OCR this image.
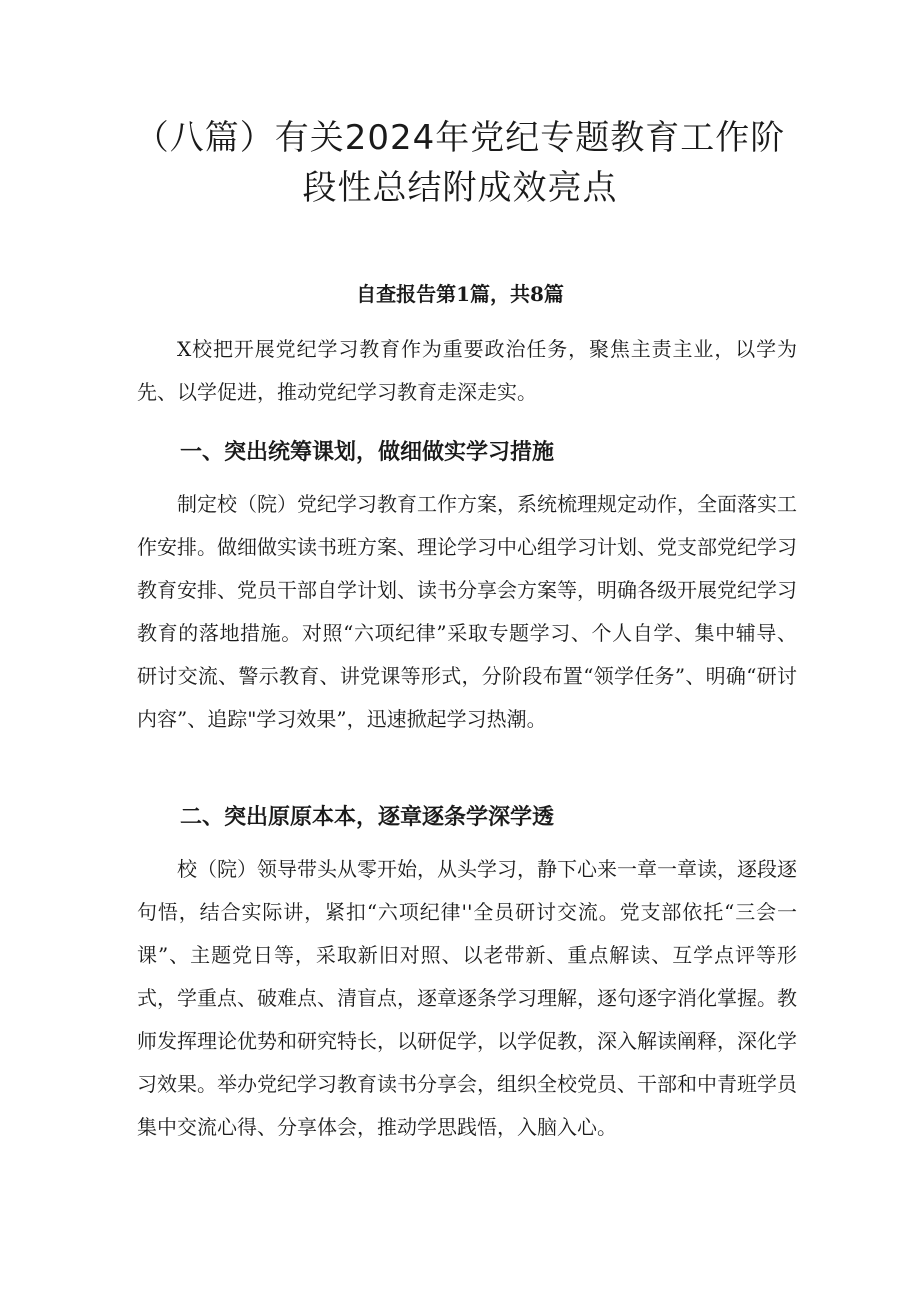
（八篇）有关2024年党纪专题教育工作阶
段性总结附成效亮点
自查报告第1篇，共8篇
X校把开展党纪学习教育作为重要政治任务，聚焦主责主业，以学为先、以学促进，推动党纪学习教育走深走实。
一、突出统筹课划，做细做实学习措施
制定校（院）党纪学习教育工作方案，系统梳理规定动作，全面落实工作安排。做细做实读书班方案、理论学习中心组学习计划、党支部党纪学习教育安排、党员干部自学计划、读书分享会方案等，明确各级开展党纪学习教育的落地措施。对照“六项纪律”采取专题学习、个人自学、集中辅导、研讨交流、警示教育、讲党课等形式，分阶段布置“领学任务”、明确“研讨内容”、追踪"学习效果”，迅速掀起学习热潮。
二、突出原原本本，逐章逐条学深学透
校（院）领导带头从零开始，从头学习，静下心来一章一章读，逐段逐句悟，结合实际讲，紧扣“六项纪律''全员研讨交流。党支部依托“三会一课”、主题党日等，采取新旧对照、以老带新、重点解读、互学点评等形式，学重点、破难点、清盲点，逐章逐条学习理解，逐句逐字消化掌握。教师发挥理论优势和研究特长，以研促学，以学促教，深入解读阐释，深化学习效果。举办党纪学习教育读书分享会，组织全校党员、干部和中青班学员集中交流心得、分享体会，推动学思践悟，入脑入心。
